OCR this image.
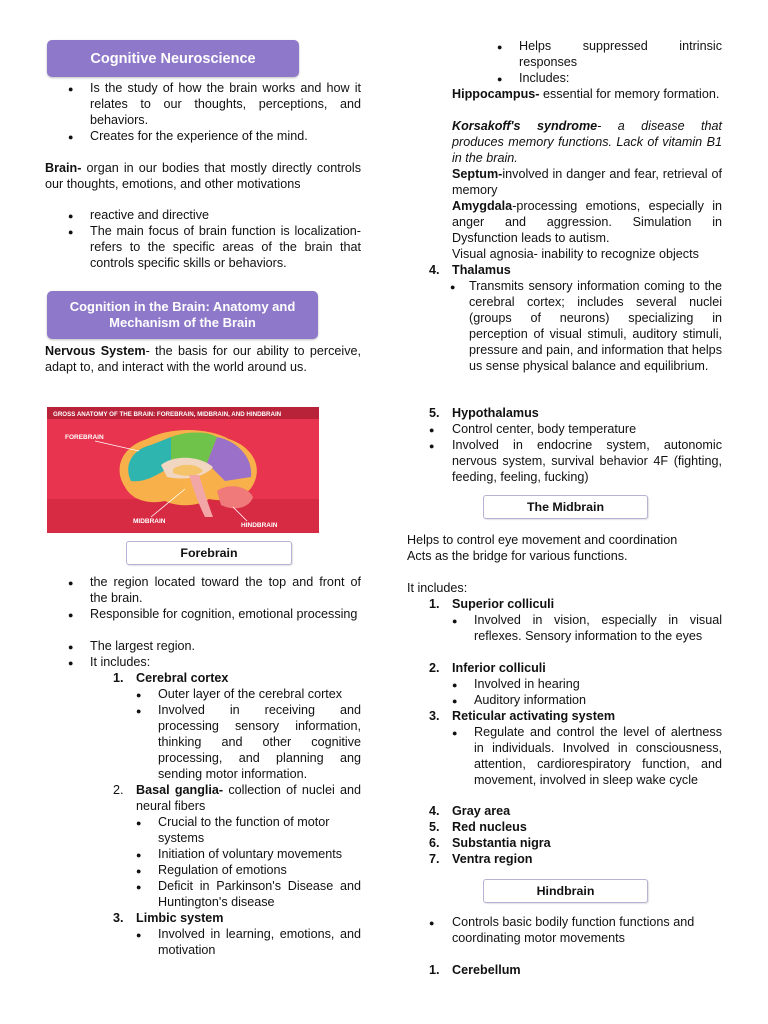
Cognitive Neuroscience
● Is the study of how the brain works and how it relates to our thoughts, perceptions, and behaviors.
● Creates for the experience of the mind.
Brain- organ in our bodies that mostly directly controls our thoughts, emotions, and other motivations
● reactive and directive
● The main focus of brain function is localization-refers to the specific areas of the brain that controls specific skills or behaviors.
Cognition in the Brain: Anatomy and Mechanism of the Brain
Nervous System- the basis for our ability to perceive, adapt to, and interact with the world around us.
GROSS ANATOMY OF THE BRAIN: FOREBRAIN, MIDBRAIN, AND HINDBRAIN
FOREBRAIN
MIDBRAIN
HINDBRAIN
Forebrain
● the region located toward the top and front of the brain.
● Responsible for cognition, emotional processing
● The largest region.
● It includes:
1. Cerebral cortex
● Outer layer of the cerebral cortex
● Involved in receiving and processing sensory information, thinking and other cognitive processing, and planning ang sending motor information.
2. Basal ganglia- collection of nuclei and neural fibers
● Crucial to the function of motor systems
● Initiation of voluntary movements
● Regulation of emotions
● Deficit in Parkinson's Disease and Huntington's disease
3. Limbic system
● Involved in learning, emotions, and motivation
● Helps suppressed intrinsic responses
● Includes:
Hippocampus- essential for memory formation.
Korsakoff's syndrome- a disease that produces memory functions. Lack of vitamin B1 in the brain.
Septum-involved in danger and fear, retrieval of memory
Amygdala-processing emotions, especially in anger and aggression. Simulation in Dysfunction leads to autism.
Visual agnosia- inability to recognize objects
4. Thalamus
● Transmits sensory information coming to the cerebral cortex; includes several nuclei (groups of neurons) specializing in perception of visual stimuli, auditory stimuli, pressure and pain, and information that helps us sense physical balance and equilibrium.
5. Hypothalamus
● Control center, body temperature
● Involved in endocrine system, autonomic nervous system, survival behavior 4F (fighting, feeding, feeling, fucking)
The Midbrain
Helps to control eye movement and coordination
Acts as the bridge for various functions.
It includes:
1. Superior colliculi
● Involved in vision, especially in visual reflexes. Sensory information to the eyes
2. Inferior colliculi
● Involved in hearing
● Auditory information
3. Reticular activating system
● Regulate and control the level of alertness in individuals. Involved in consciousness, attention, cardiorespiratory function, and movement, involved in sleep wake cycle
4. Gray area
5. Red nucleus
6. Substantia nigra
7. Ventra region
Hindbrain
● Controls basic bodily function functions and coordinating motor movements
1. Cerebellum
